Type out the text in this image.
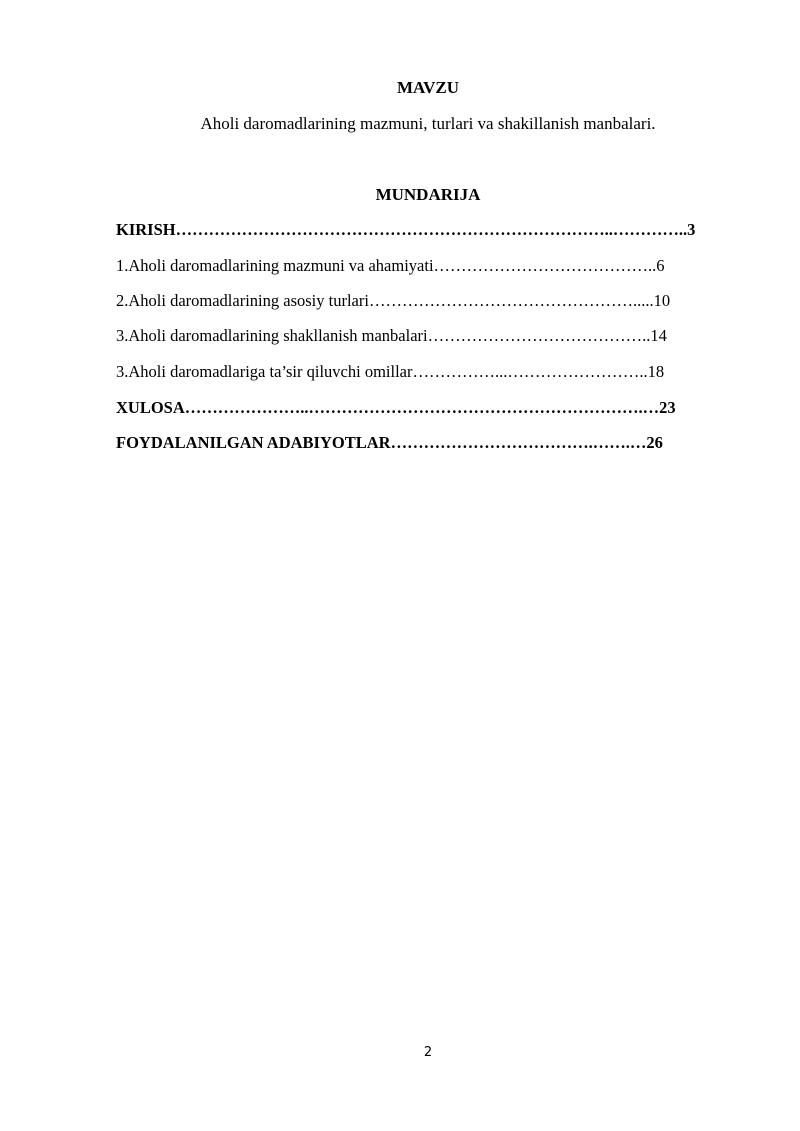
MAVZU
Aholi daromadlarining mazmuni, turlari va shakillanish manbalari.
MUNDARIJA
KIRISH……………………………………………………………………..…………..3
1.Aholi daromadlarining mazmuni va ahamiyati…………………………………..6
2.Aholi daromadlarining asosiy turlari………………………………………….....10
3.Aholi daromadlarining shakllanish manbalari…………………………………..14
3.Aholi daromadlariga ta’sir qiluvchi omillar……………...……………………..18
XULOSA…………………..…………………………………………………….…23
FOYDALANILGAN ADABIYOTLAR……………………………….…….…26
2
